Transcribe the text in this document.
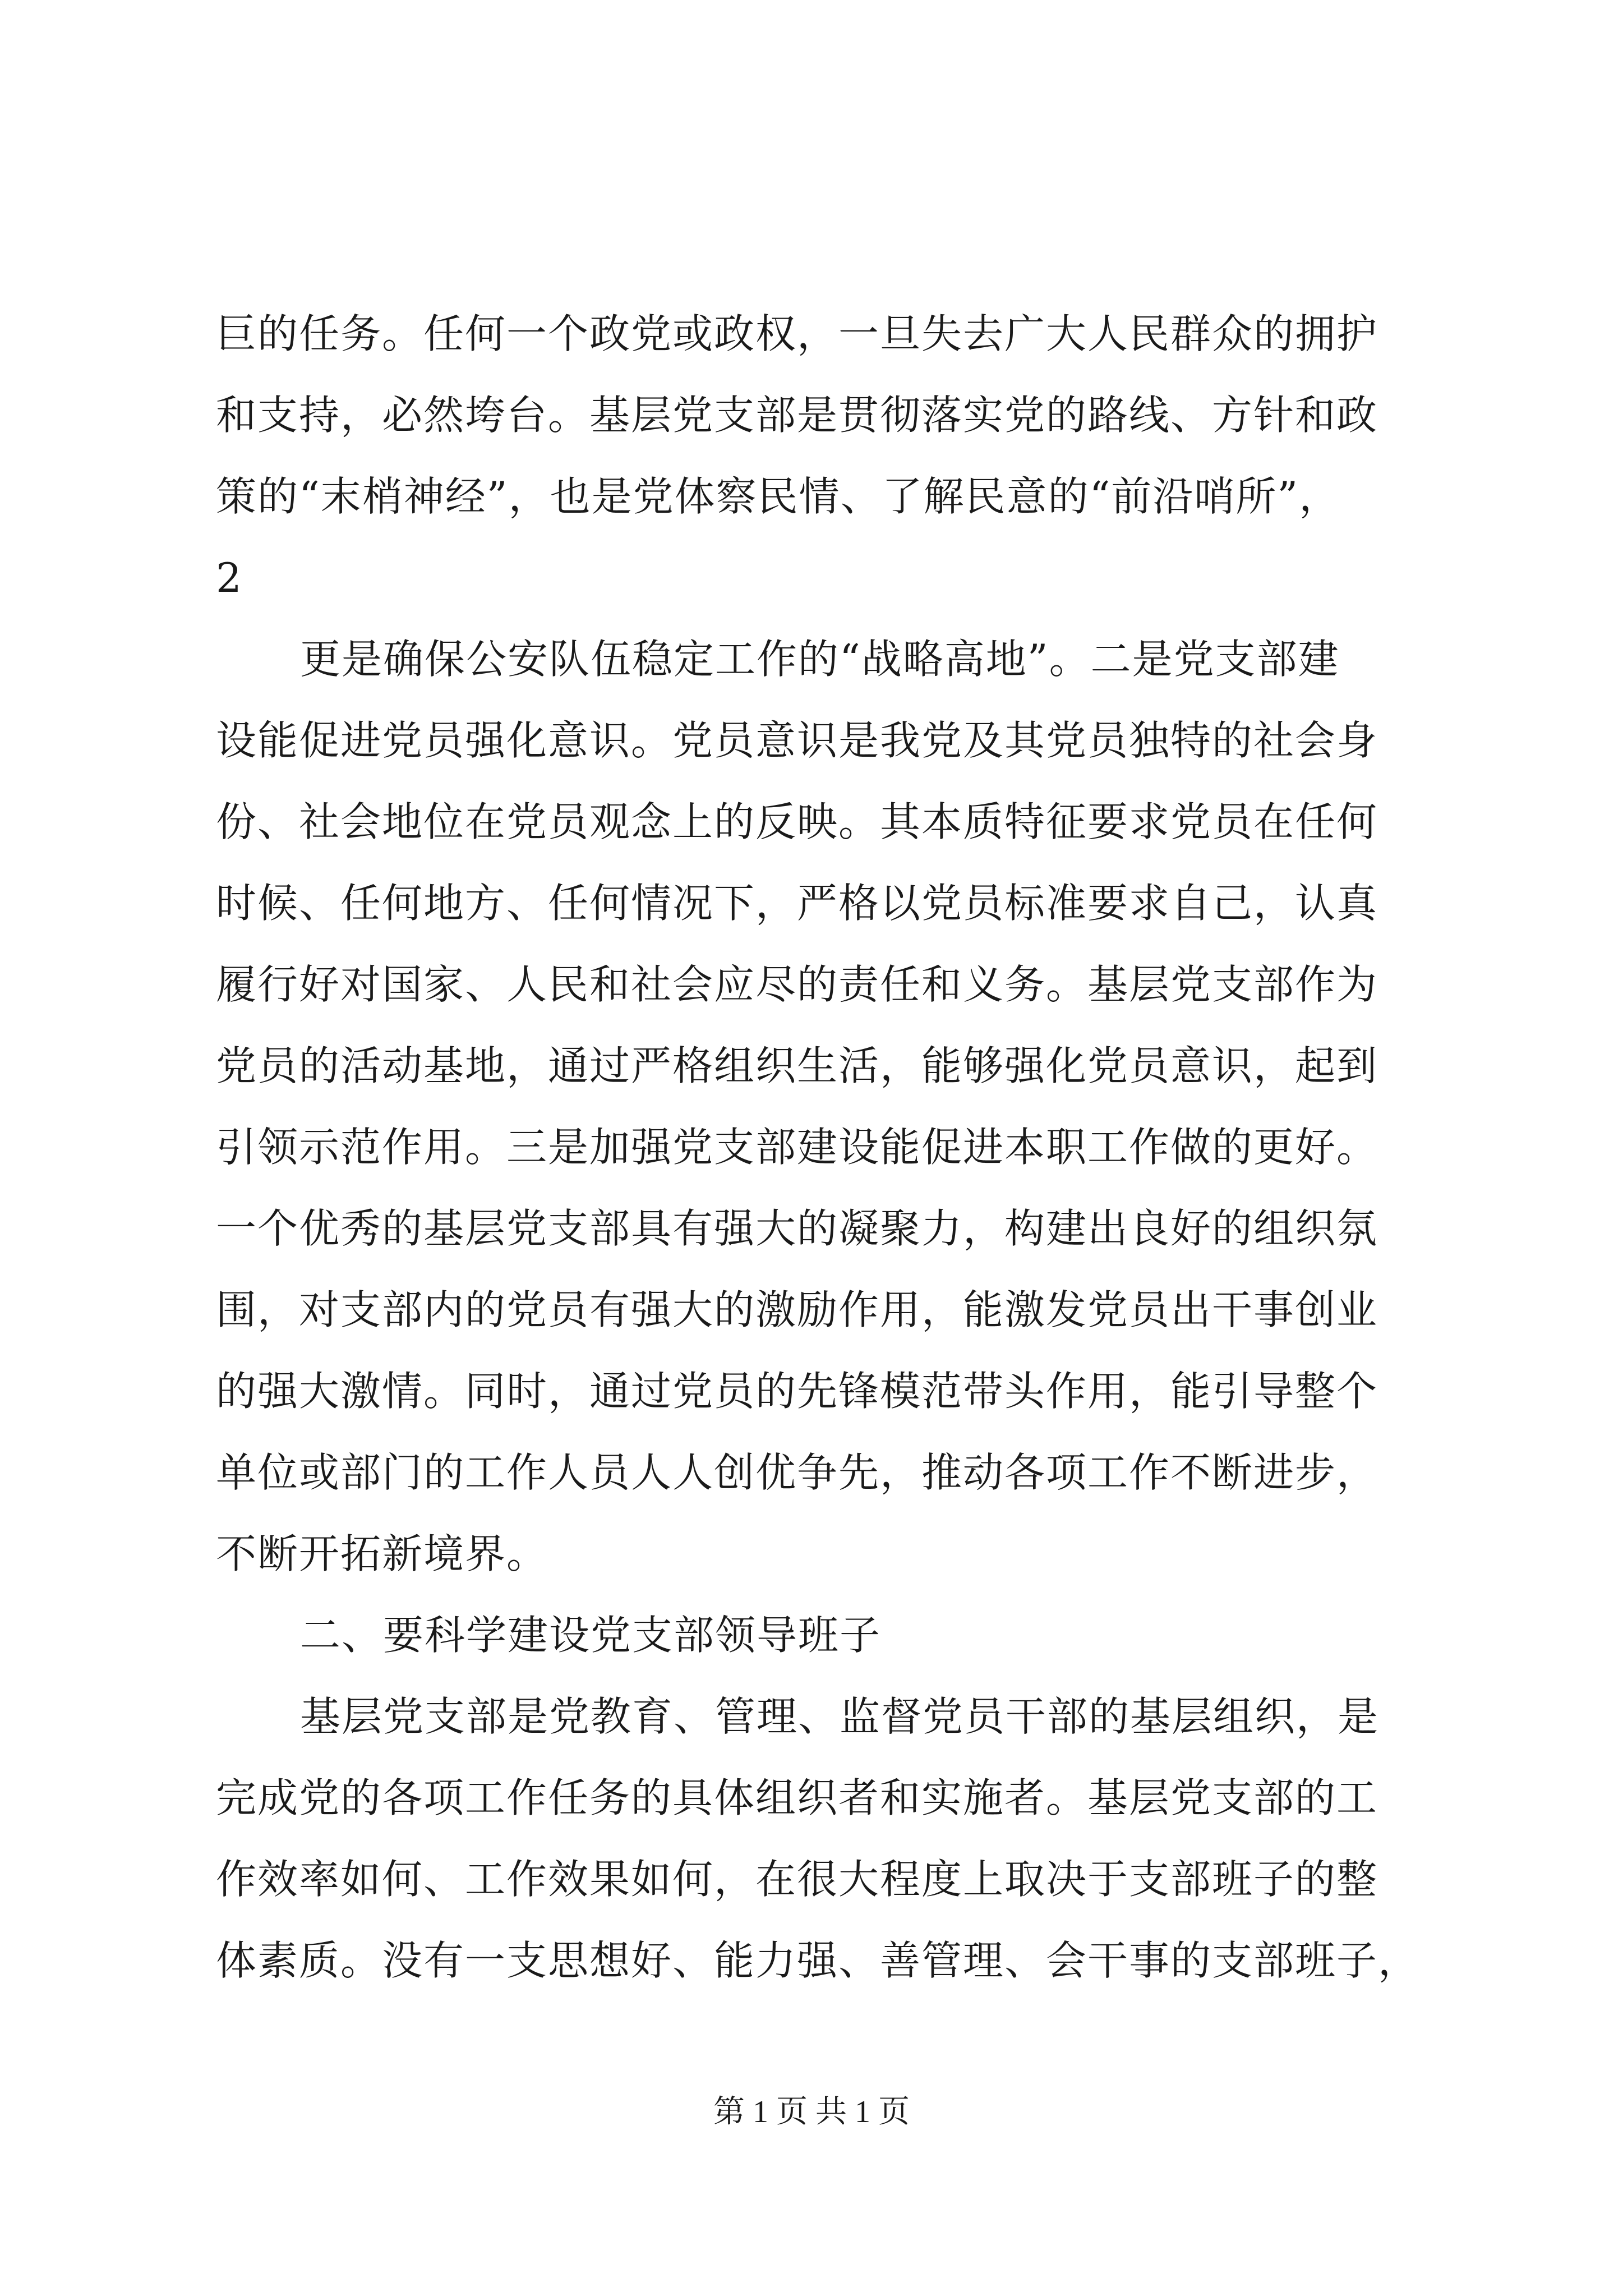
巨的任务。任何一个政党或政权，一旦失去广大人民群众的拥护
和支持，必然垮台。基层党支部是贯彻落实党的路线、方针和政
策的“末梢神经”，也是党体察民情、了解民意的“前沿哨所”，
2
更是确保公安队伍稳定工作的“战略高地”。二是党支部建
设能促进党员强化意识。党员意识是我党及其党员独特的社会身
份、社会地位在党员观念上的反映。其本质特征要求党员在任何
时候、任何地方、任何情况下，严格以党员标准要求自己，认真
履行好对国家、人民和社会应尽的责任和义务。基层党支部作为
党员的活动基地，通过严格组织生活，能够强化党员意识，起到
引领示范作用。三是加强党支部建设能促进本职工作做的更好。
一个优秀的基层党支部具有强大的凝聚力，构建出良好的组织氛
围，对支部内的党员有强大的激励作用，能激发党员出干事创业
的强大激情。同时，通过党员的先锋模范带头作用，能引导整个
单位或部门的工作人员人人创优争先，推动各项工作不断进步，
不断开拓新境界。
二、要科学建设党支部领导班子
基层党支部是党教育、管理、监督党员干部的基层组织，是
完成党的各项工作任务的具体组织者和实施者。基层党支部的工
作效率如何、工作效果如何，在很大程度上取决于支部班子的整
体素质。没有一支思想好、能力强、善管理、会干事的支部班子，
第 1 页 共 1 页
